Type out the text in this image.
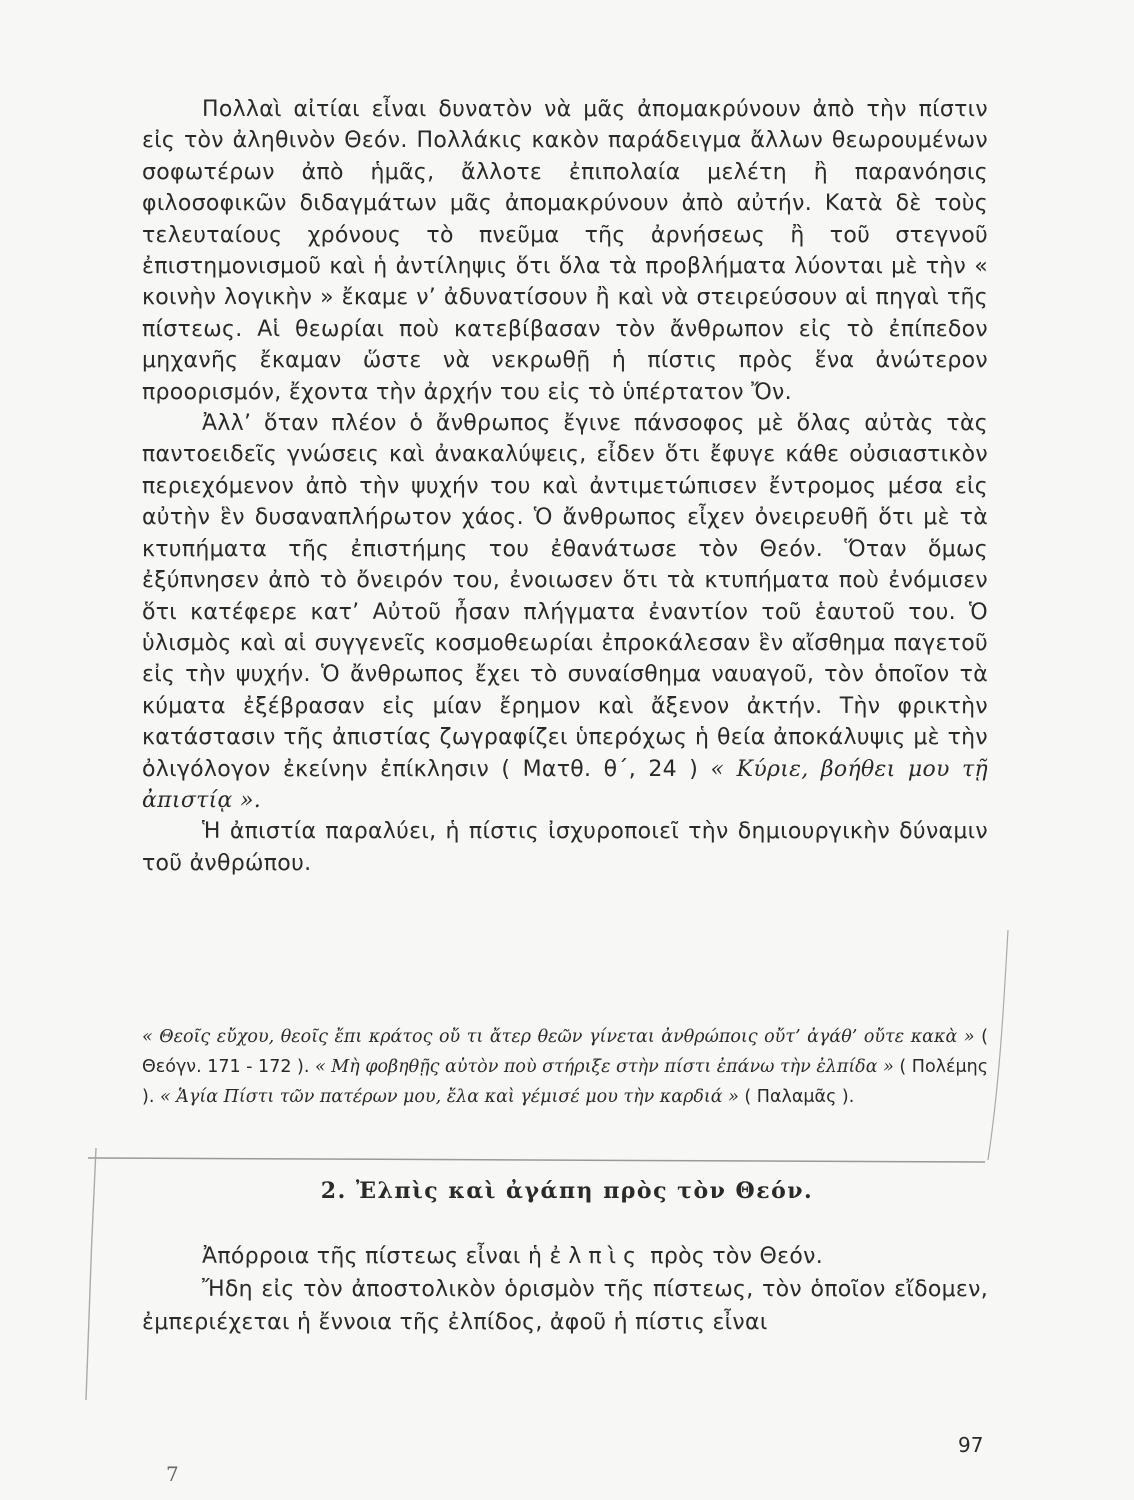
Πολλαὶ αἰτίαι εἶναι δυνατὸν νὰ μᾶς ἀπομακρύνουν ἀπὸ τὴν πίστιν εἰς τὸν ἀληθινὸν Θεόν. Πολλάκις κακὸν παράδειγμα ἄλλων θεωρουμένων σοφωτέρων ἀπὸ ἡμᾶς, ἄλλοτε ἐπιπολαία μελέτη ἢ παρανόησις φιλοσοφικῶν διδαγμάτων μᾶς ἀπομακρύνουν ἀπὸ αὐτήν. Κατὰ δὲ τοὺς τελευταίους χρόνους τὸ πνεῦμα τῆς ἀρνήσεως ἢ τοῦ στεγνοῦ ἐπιστημονισμοῦ καὶ ἡ ἀντίληψις ὅτι ὅλα τὰ προβλήματα λύονται μὲ τὴν « κοινὴν λογικὴν » ἔκαμε ν’ ἀδυνατίσουν ἢ καὶ νὰ στειρεύσουν αἱ πηγαὶ τῆς πίστεως. Αἱ θεωρίαι ποὺ κατεβίβασαν τὸν ἄνθρωπον εἰς τὸ ἐπίπεδον μηχανῆς ἔκαμαν ὥστε νὰ νεκρωθῇ ἡ πίστις πρὸς ἕνα ἀνώτερον προορισμόν, ἔχοντα τὴν ἀρχήν του εἰς τὸ ὑπέρτατον Ὄν.

Ἀλλ’ ὅταν πλέον ὁ ἄνθρωπος ἔγινε πάνσοφος μὲ ὅλας αὐτὰς τὰς παντοειδεῖς γνώσεις καὶ ἀνακαλύψεις, εἶδεν ὅτι ἔφυγε κάθε οὐσιαστικὸν περιεχόμενον ἀπὸ τὴν ψυχήν του καὶ ἀντιμετώπισεν ἔντρομος μέσα εἰς αὐτὴν ἓν δυσαναπλήρωτον χάος. Ὁ ἄνθρωπος εἶχεν ὀνειρευθῆ ὅτι μὲ τὰ κτυπήματα τῆς ἐπιστήμης του ἐθανάτωσε τὸν Θεόν. Ὅταν ὅμως ἐξύπνησεν ἀπὸ τὸ ὄνειρόν του, ἐνοιωσεν ὅτι τὰ κτυπήματα ποὺ ἐνόμισεν ὅτι κατέφερε κατ’ Αὐτοῦ ἦσαν πλήγματα ἐναντίον τοῦ ἑαυτοῦ του. Ὁ ὑλισμὸς καὶ αἱ συγγενεῖς κοσμοθεωρίαι ἐπροκάλεσαν ἓν αἴσθημα παγετοῦ εἰς τὴν ψυχήν. Ὁ ἄνθρωπος ἔχει τὸ συναίσθημα ναυαγοῦ, τὸν ὁποῖον τὰ κύματα ἐξέβρασαν εἰς μίαν ἔρημον καὶ ἄξενον ἀκτήν. Τὴν φρικτὴν κατάστασιν τῆς ἀπιστίας ζωγραφίζει ὑπερόχως ἡ θεία ἀποκάλυψις μὲ τὴν ὀλιγόλογον ἐκείνην ἐπίκλησιν ( Ματθ. θ΄, 24 ) « Κύριε, βοήθει μου τῇ ἀπιστίᾳ ».

Ἡ ἀπιστία παραλύει, ἡ πίστις ἰσχυροποιεῖ τὴν δημιουργικὴν δύναμιν τοῦ ἀνθρώπου.

« Θεοῖς εὔχου, θεοῖς ἔπι κράτος οὔ τι ἄτερ θεῶν γίνεται ἀνθρώποις οὔτ’ ἀγάθ’ οὔτε κακὰ » ( Θεόγν. 171 - 172 ). « Μὴ φοβηθῇς αὐτὸν ποὺ στήριξε στὴν πίστι ἐπάνω τὴν ἐλπίδα » ( Πολέμης ). « Ἁγία Πίστι τῶν πατέρων μου, ἔλα καὶ γέμισέ μου τὴν καρδιά » ( Παλαμᾶς ).
2. Ἐλπὶς καὶ ἀγάπη πρὸς τὸν Θεόν.

Ἀπόρροια τῆς πίστεως εἶναι ἡ ἐλπὶς πρὸς τὸν Θεόν.

Ἤδη εἰς τὸν ἀποστολικὸν ὁρισμὸν τῆς πίστεως, τὸν ὁποῖον εἴδομεν, ἐμπεριέχεται ἡ ἔννοια τῆς ἐλπίδος, ἀφοῦ ἡ πίστις εἶναι

97
7
